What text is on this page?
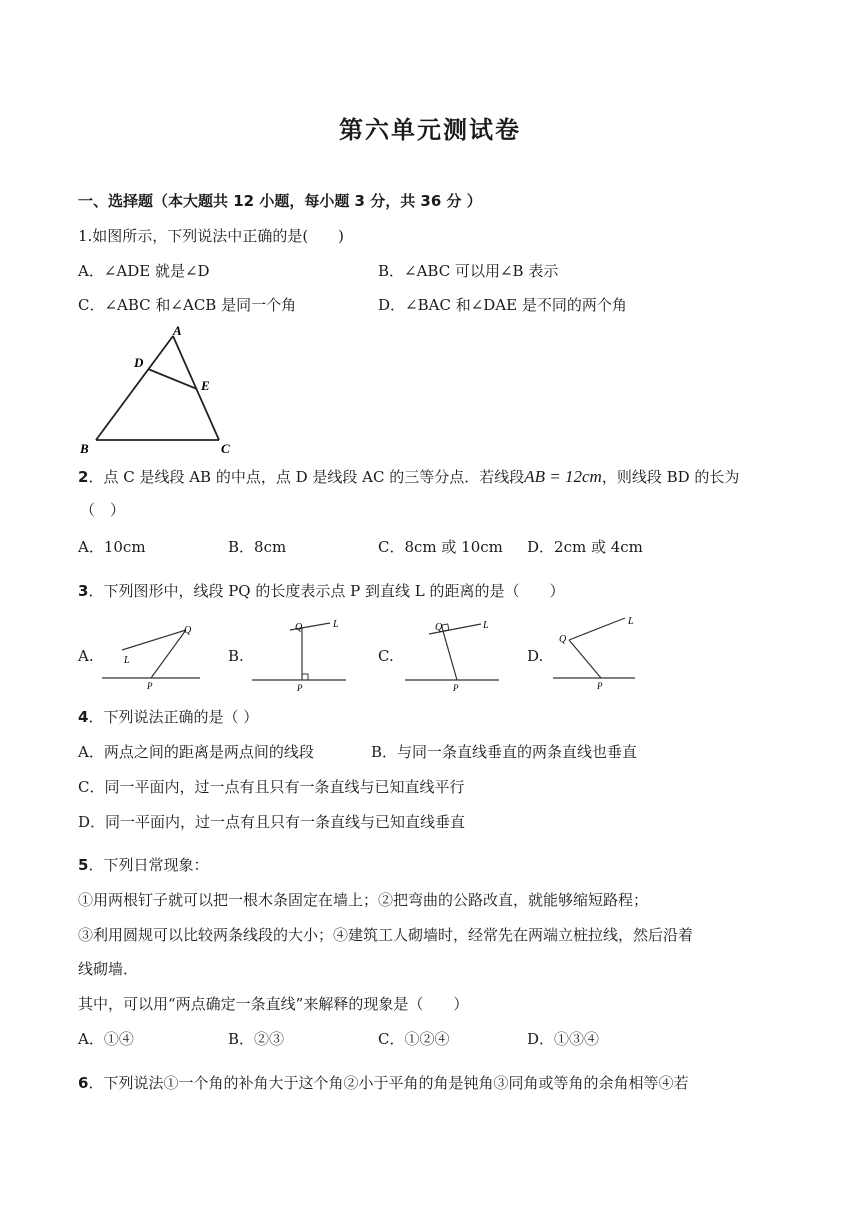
第六单元测试卷
一、选择题（本大题共 12 小题，每小题 3 分，共 36 分 ）
1.如图所示，下列说法中正确的是(　　)
A．∠ADE 就是∠D	B．∠ABC 可以用∠B 表示
C．∠ABC 和∠ACB 是同一个角	D．∠BAC 和∠DAE 是不同的两个角
A
D
E
B	C
2．点 C 是线段 AB 的中点，点 D 是线段 AC 的三等分点．若线段AB = 12cm，则线段 BD 的长为
（　）
A．10cm	B．8cm	C．8cm 或 10cm D．2cm 或 4cm
3．下列图形中，线段 PQ 的长度表示点 P 到直线 L 的距离的是（　　）
A.
Q
L
P
B.
Q	L
P
C.
Q	L
P
D.
Q
L
P
4．下列说法正确的是（ ）
A．两点之间的距离是两点间的线段	B．与同一条直线垂直的两条直线也垂直
C．同一平面内，过一点有且只有一条直线与已知直线平行
D．同一平面内，过一点有且只有一条直线与已知直线垂直
5．下列日常现象：
①用两根钉子就可以把一根木条固定在墙上；②把弯曲的公路改直，就能够缩短路程；
③利用圆规可以比较两条线段的大小；④建筑工人砌墙时，经常先在两端立桩拉线，然后沿着
线砌墙．
其中，可以用“两点确定一条直线”来解释的现象是（　　）
A．①④	B．②③	C．①②④	D．①③④
6．下列说法①一个角的补角大于这个角②小于平角的角是钝角③同角或等角的余角相等④若
